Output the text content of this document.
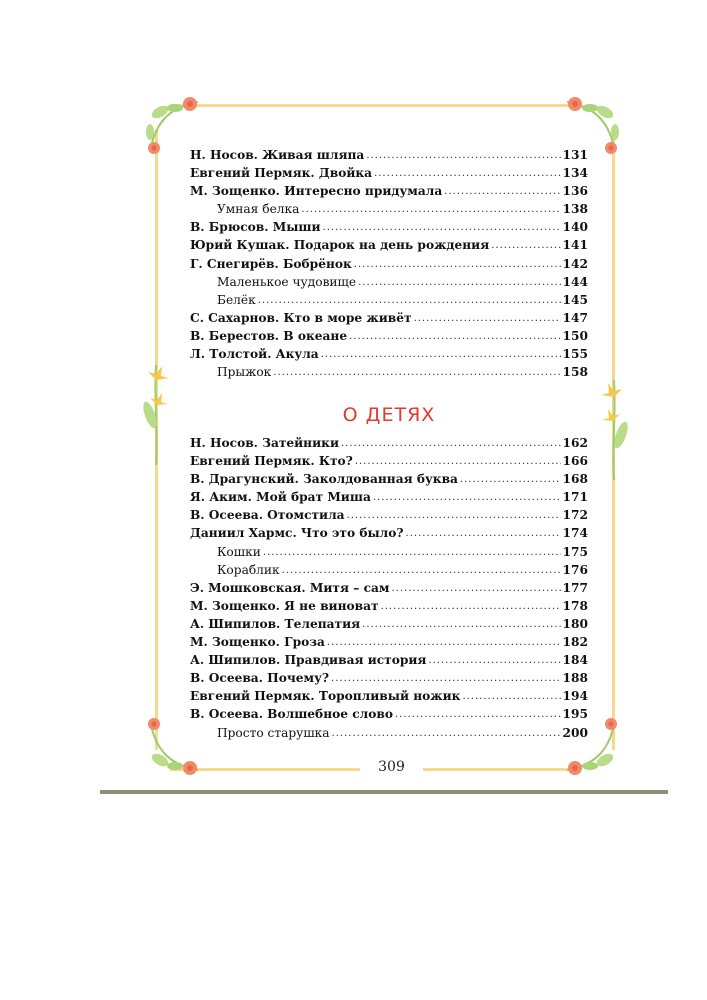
Н. Носов. Живая шляпа .....	131
Евгений Пермяк. Двойка .....	134
М. Зощенко. Интересно придумала .....	136
Умная белка .....	138
В. Брюсов. Мыши .....	140
Юрий Кушак. Подарок на день рождения .....	141
Г. Снегирёв. Бобрёнок .....	142
Маленькое чудовище .....	144
Белёк .....	145
С. Сахарнов. Кто в море живёт .....	147
В. Берестов. В океане .....	150
Л. Толстой. Акула .....	155
Прыжок .....	158
О ДЕТЯХ
Н. Носов. Затейники .....	162
Евгений Пермяк. Кто? .....	166
В. Драгунский. Заколдованная буква .....	168
Я. Аким. Мой брат Миша .....	171
В. Осеева. Отомстила .....	172
Даниил Хармс. Что это было? .....	174
Кошки .....	175
Кораблик .....	176
Э. Мошковская. Митя – сам .....	177
М. Зощенко. Я не виноват .....	178
А. Шипилов. Телепатия .....	180
М. Зощенко. Гроза .....	182
А. Шипилов. Правдивая история .....	184
В. Осеева. Почему? .....	188
Евгений Пермяк. Торопливый ножик .....	194
В. Осеева. Волшебное слово .....	195
Просто старушка .....	200
309
